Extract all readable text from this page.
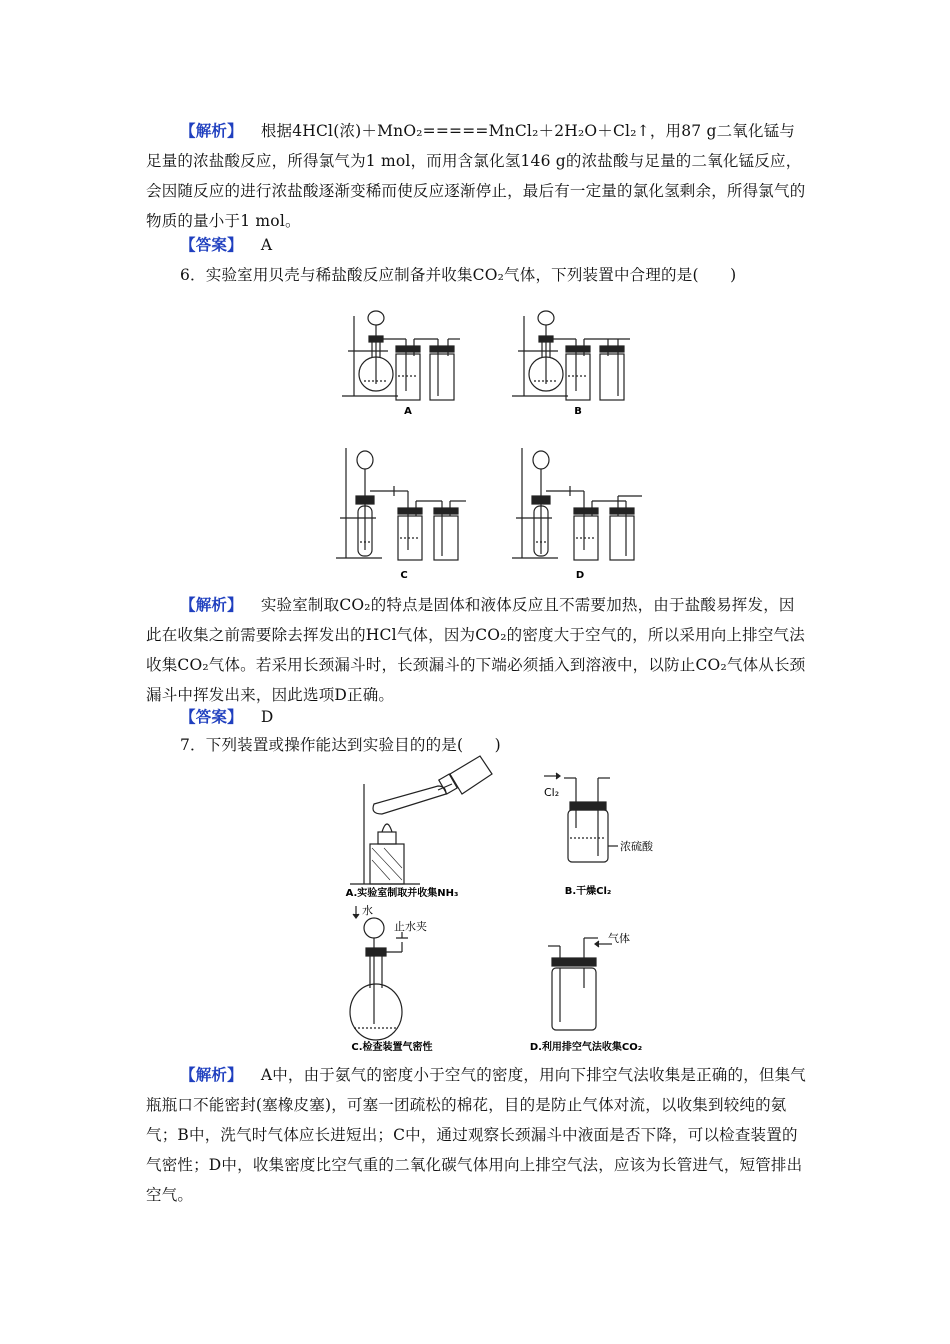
【解析】 根据4HCl(浓)＋MnO₂=====MnCl₂＋2H₂O＋Cl₂↑，用87 g二氧化锰与足量的浓盐酸反应，所得氯气为1 mol，而用含氯化氢146 g的浓盐酸与足量的二氧化锰反应，会因随反应的进行浓盐酸逐渐变稀而使反应逐渐停止，最后有一定量的氯化氢剩余，所得氯气的物质的量小于1 mol。

【答案】 A

6．实验室用贝壳与稀盐酸反应制备并收集CO₂气体，下列装置中合理的是(　　)

A	B
C	D

【解析】 实验室制取CO₂的特点是固体和液体反应且不需要加热，由于盐酸易挥发，因此在收集之前需要除去挥发出的HCl气体，因为CO₂的密度大于空气的，所以采用向上排空气法收集CO₂气体。若采用长颈漏斗时，长颈漏斗的下端必须插入到溶液中，以防止CO₂气体从长颈漏斗中挥发出来，因此选项D正确。

【答案】 D

7．下列装置或操作能达到实验目的的是(　　)

A.实验室制取并收集NH₃
Cl₂
浓硫酸
B.干燥Cl₂
水
止水夹
C.检查装置气密性
气体
D.利用排空气法收集CO₂

【解析】 A中，由于氨气的密度小于空气的密度，用向下排空气法收集是正确的，但集气瓶瓶口不能密封(塞橡皮塞)，可塞一团疏松的棉花，目的是防止气体对流，以收集到较纯的氨气；B中，洗气时气体应长进短出；C中，通过观察长颈漏斗中液面是否下降，可以检查装置的气密性；D中，收集密度比空气重的二氧化碳气体用向上排空气法，应该为长管进气，短管排出空气。
